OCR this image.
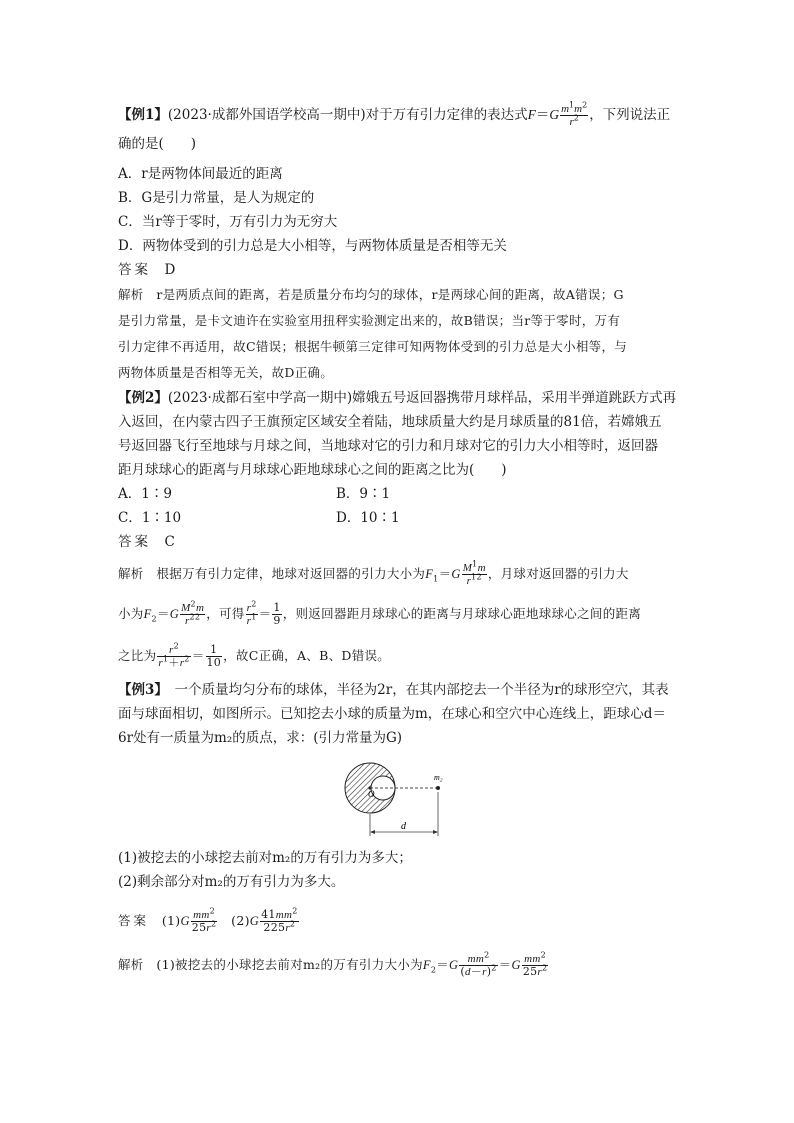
【例1】(2023·成都外国语学校高一期中)对于万有引力定律的表达式$F=G \frac{m^1m^2}{r^2}$ ，下列说法正
确的是(　　)
A．r是两物体间最近的距离
B．G是引力常量，是人为规定的
C．当r等于零时，万有引力为无穷大
D．两物体受到的引力总是大小相等，与两物体质量是否相等无关
答案　 D
解析　 r是两质点间的距离，若是质量分布均匀的球体，r是两球心间的距离，故A错误；G
是引力常量，是卡文迪许在实验室用扭秤实验测定出来的，故B错误；当r等于零时，万有
引力定律不再适用，故C错误；根据牛顿第三定律可知两物体受到的引力总是大小相等，与
两物体质量是否相等无关，故D正确。
【例2】(2023·成都石室中学高一期中)嫦娥五号返回器携带月球样品，采用半弹道跳跃方式再
入返回，在内蒙古四子王旗预定区域安全着陆，地球质量大约是月球质量的81倍，若嫦娥五
号返回器飞行至地球与月球之间，当地球对它的引力和月球对它的引力大小相等时，返回器
距月球球心的距离与月球球心距地球球心之间的距离之比为(　　)
A．1∶9	B．9∶1
C．1∶10	D．10∶1
答案　 C
解析　 根据万有引力定律，地球对返回器的引力大小为$F_1=G \frac{M^1m}{r^{12}}$ ，月球对返回器的引力大
小为$F_2=G \frac{M^2m}{r^{22}}$ ，可得 $\frac{r^2}{r^1} = \frac{1}{9}$ ，则返回器距月球球心的距离与月球球心距地球球心之间的距离
之比为 $\frac{r^2}{r^1+r^2} = \frac{1}{10}$ ，故C正确，A、B、D错误。
【例3】　 一个质量均匀分布的球体，半径为2r，在其内部挖去一个半径为r的球形空穴，其表
面与球面相切，如图所示。已知挖去小球的质量为m，在球心和空穴中心连线上，距球心d＝
6r处有一质量为m₂的质点，求：(引力常量为G)
m₂
O
d
(1)被挖去的小球挖去前对m₂的万有引力为多大；
(2)剩余部分对m₂的万有引力为多大。
答案　 $(1)G \frac{mm^2}{25r^2}$
　 $(2)G \frac{41mm^2}{225r^2}$
解析　 (1)被挖去的小球挖去前对m₂的万有引力大小为$F_2=G \frac{mm^2}{(d-r)^2} =G \frac{mm^2}{25r^2}$
